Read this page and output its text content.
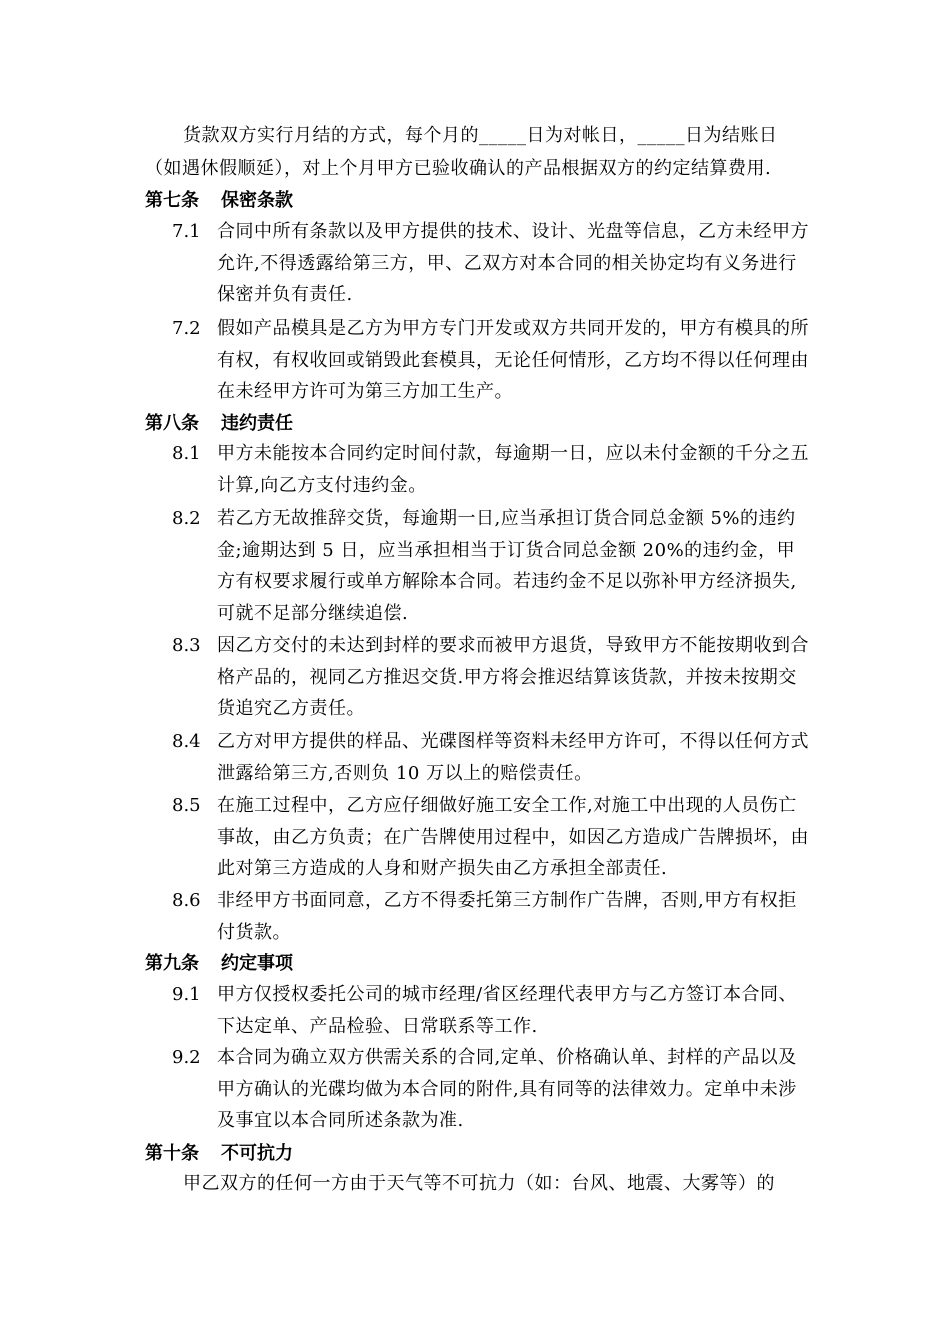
货款双方实行月结的方式，每个月的_____日为对帐日，_____日为结账日（如遇休假顺延），对上个月甲方已验收确认的产品根据双方的约定结算费用.
第七条 保密条款
7.1 合同中所有条款以及甲方提供的技术、设计、光盘等信息，乙方未经甲方允许,不得透露给第三方，甲、乙双方对本合同的相关协定均有义务进行保密并负有责任.
7.2 假如产品模具是乙方为甲方专门开发或双方共同开发的，甲方有模具的所有权，有权收回或销毁此套模具，无论任何情形，乙方均不得以任何理由在未经甲方许可为第三方加工生产。
第八条 违约责任
8.1 甲方未能按本合同约定时间付款，每逾期一日，应以未付金额的千分之五计算,向乙方支付违约金。
8.2 若乙方无故推辞交货，每逾期一日,应当承担订货合同总金额 5%的违约金;逾期达到 5 日，应当承担相当于订货合同总金额 20%的违约金，甲方有权要求履行或单方解除本合同。若违约金不足以弥补甲方经济损失,可就不足部分继续追偿.
8.3 因乙方交付的未达到封样的要求而被甲方退货，导致甲方不能按期收到合格产品的，视同乙方推迟交货.甲方将会推迟结算该货款，并按未按期交货追究乙方责任。
8.4 乙方对甲方提供的样品、光碟图样等资料未经甲方许可，不得以任何方式泄露给第三方,否则负 10 万以上的赔偿责任。
8.5 在施工过程中，乙方应仔细做好施工安全工作,对施工中出现的人员伤亡事故，由乙方负责；在广告牌使用过程中，如因乙方造成广告牌损坏，由此对第三方造成的人身和财产损失由乙方承担全部责任.
8.6 非经甲方书面同意，乙方不得委托第三方制作广告牌，否则,甲方有权拒付货款。
第九条 约定事项
9.1 甲方仅授权委托公司的城市经理/省区经理代表甲方与乙方签订本合同、下达定单、产品检验、日常联系等工作.
9.2 本合同为确立双方供需关系的合同,定单、价格确认单、封样的产品以及甲方确认的光碟均做为本合同的附件,具有同等的法律效力。定单中未涉及事宜以本合同所述条款为准.
第十条 不可抗力
甲乙双方的任何一方由于天气等不可抗力（如：台风、地震、大雾等）的
